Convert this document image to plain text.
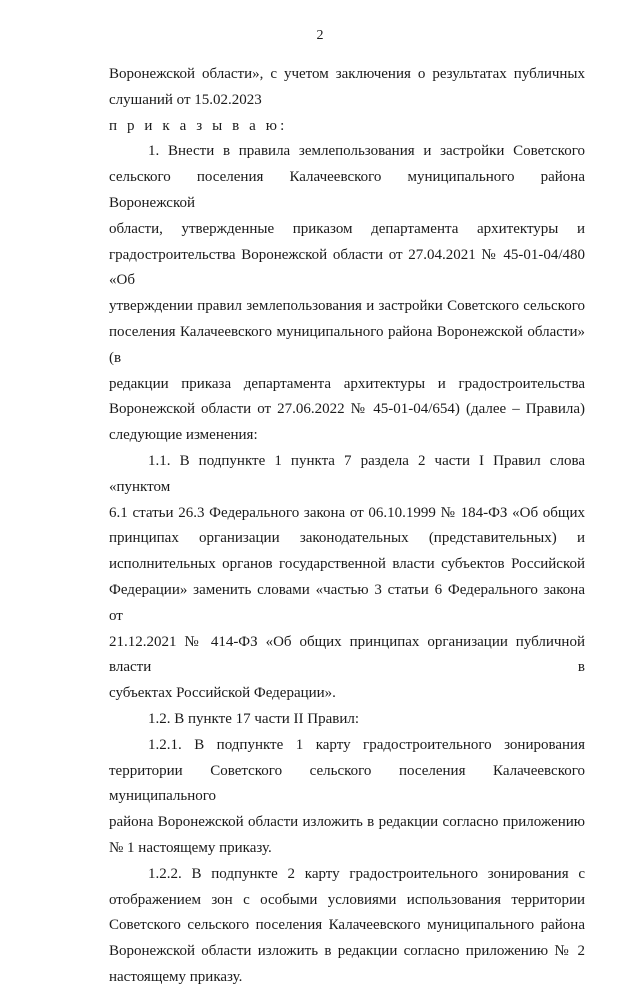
2

Воронежской области», с учетом заключения о результатах публичных

слушаний от 15.02.2023

п р и к а з ы в а ю:

1. Внести в правила землепользования и застройки Советского

сельского поселения Калачеевского муниципального района Воронежской

области, утвержденные приказом департамента архитектуры и

градостроительства Воронежской области от 27.04.2021 № 45-01-04/480 «Об

утверждении правил землепользования и застройки Советского сельского

поселения Калачеевского муниципального района Воронежской области» (в

редакции приказа департамента архитектуры и градостроительства

Воронежской области от 27.06.2022 № 45-01-04/654) (далее – Правила)

следующие изменения:

1.1. В подпункте 1 пункта 7 раздела 2 части I Правил слова «пунктом

6.1 статьи 26.3 Федерального закона от 06.10.1999 № 184-ФЗ «Об общих

принципах организации законодательных (представительных) и

исполнительных органов государственной власти субъектов Российской

Федерации» заменить словами «частью 3 статьи 6 Федерального закона от

21.12.2021 № 414-ФЗ «Об общих принципах организации публичной власти в

субъектах Российской Федерации».

1.2. В пункте 17 части II Правил:

1.2.1. В подпункте 1 карту градостроительного зонирования

территории Советского сельского поселения Калачеевского муниципального

района Воронежской области изложить в редакции согласно приложению

№ 1 настоящему приказу.

1.2.2. В подпункте 2 карту градостроительного зонирования с

отображением зон с особыми условиями использования территории

Советского сельского поселения Калачеевского муниципального района

Воронежской области изложить в редакции согласно приложению № 2

настоящему приказу.
